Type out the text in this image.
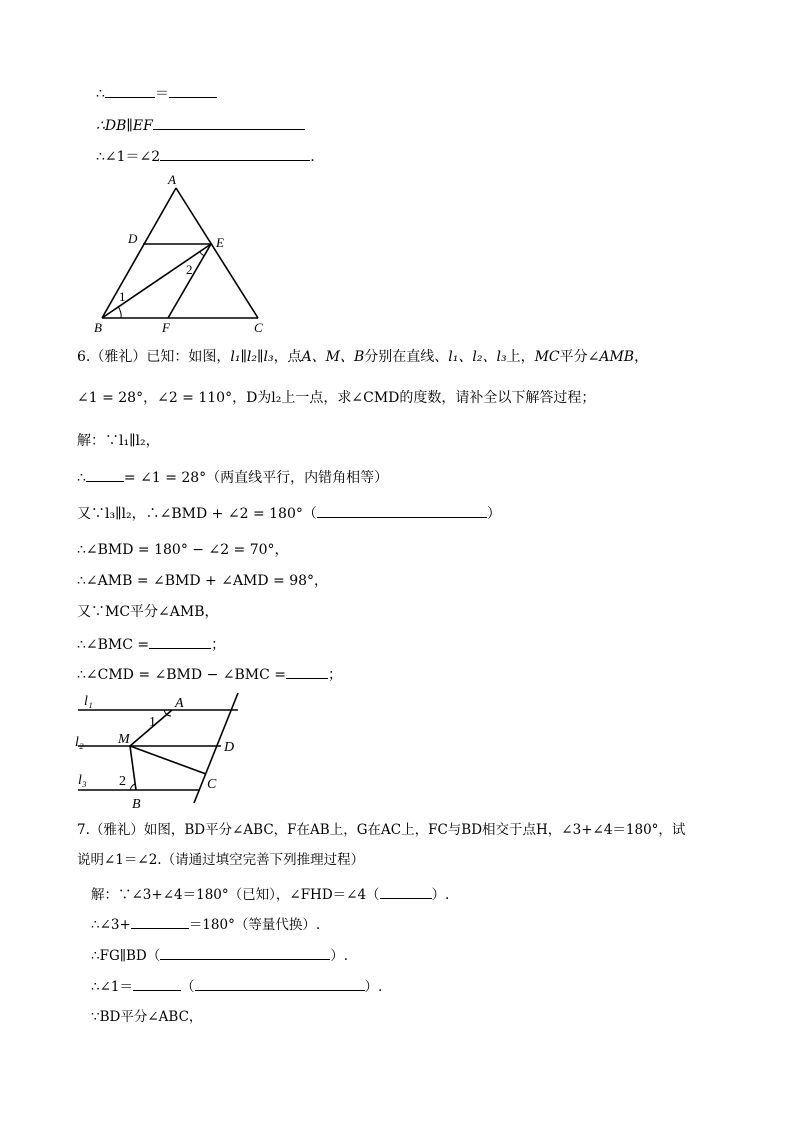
∴	＝
∴DB∥EF
∴∠1＝∠2	.
A
D	E
B	F	C
1
2
6.（雅礼）已知：如图，l₁∥l₂∥l₃，点A、M、B分别在直线、l₁、l₂、l₃上，MC平分∠AMB，
∠1 = 28°，∠2 = 110°，D为l₂上一点，求∠CMD的度数，请补全以下解答过程；
解：∵l₁∥l₂，
∴	= ∠1 = 28°（两直线平行，内错角相等）
又∵l₃∥l₂，∴∠BMD + ∠2 = 180°（	）
∴∠BMD = 180° − ∠2 = 70°，
∴∠AMB = ∠BMD + ∠AMD = 98°，
又∵MC平分∠AMB，
∴∠BMC =	；
∴∠CMD = ∠BMD − ∠BMC =	；
l₁
l₂
l₃
A
M
D
C
B
1
2
7.（雅礼）如图，BD平分∠ABC，F在AB上，G在AC上，FC与BD相交于点H，∠3+∠4＝180°，试
说明∠1＝∠2.（请通过填空完善下列推理过程）
解：∵∠3+∠4＝180°（已知），∠FHD＝∠4（	）.
∴∠3+	＝180°（等量代换）.
∴FG∥BD（	）.
∴∠1＝	（	）.
∵BD平分∠ABC，
